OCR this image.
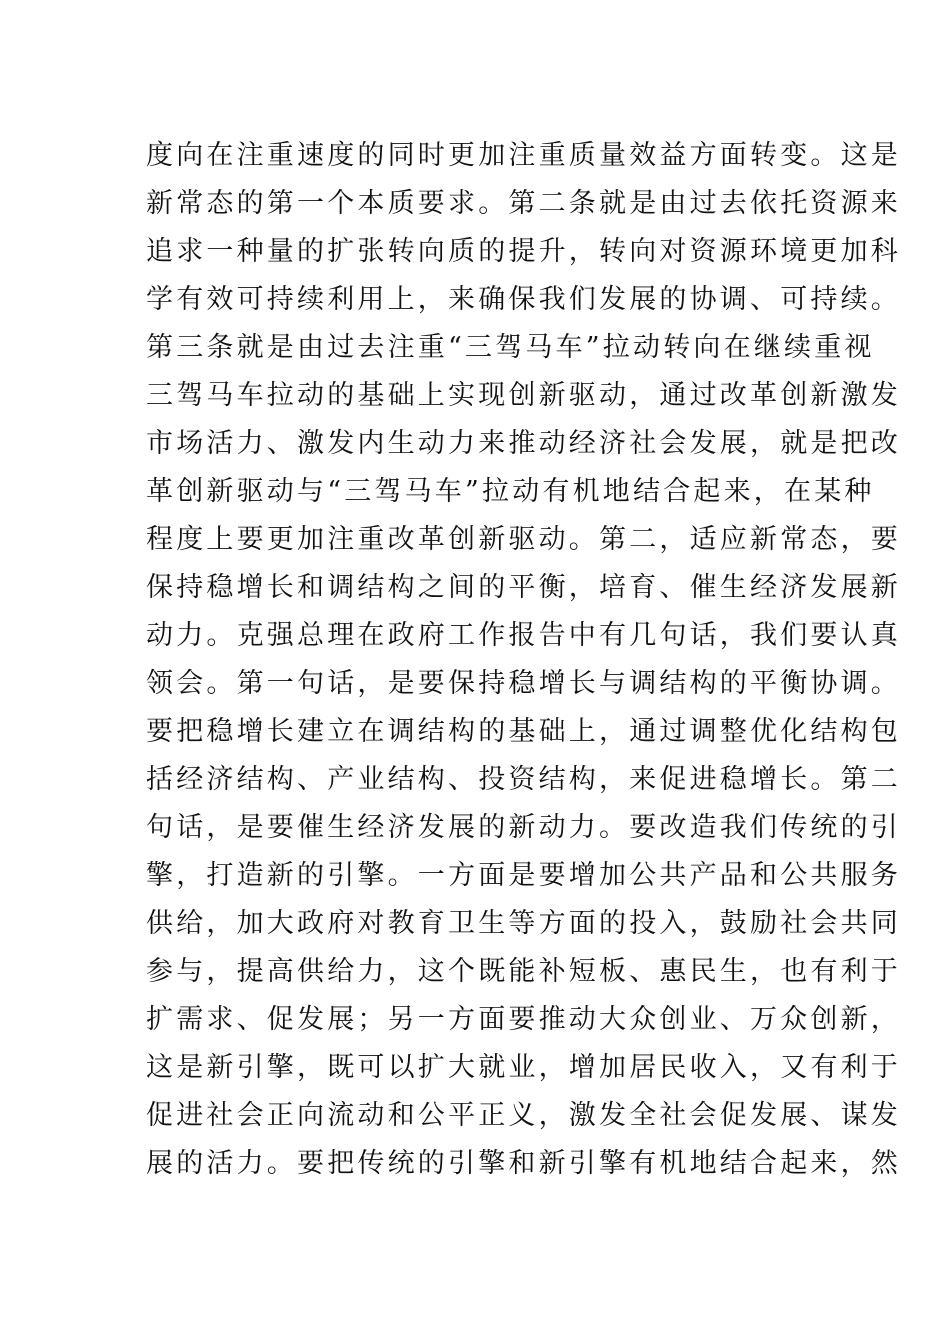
度向在注重速度的同时更加注重质量效益方面转变。这是
新常态的第一个本质要求。第二条就是由过去依托资源来
追求一种量的扩张转向质的提升，转向对资源环境更加科
学有效可持续利用上，来确保我们发展的协调、可持续。
第三条就是由过去注重“三驾马车”拉动转向在继续重视
三驾马车拉动的基础上实现创新驱动，通过改革创新激发
市场活力、激发内生动力来推动经济社会发展，就是把改
革创新驱动与“三驾马车”拉动有机地结合起来，在某种
程度上要更加注重改革创新驱动。第二，适应新常态，要
保持稳增长和调结构之间的平衡，培育、催生经济发展新
动力。克强总理在政府工作报告中有几句话，我们要认真
领会。第一句话，是要保持稳增长与调结构的平衡协调。
要把稳增长建立在调结构的基础上，通过调整优化结构包
括经济结构、产业结构、投资结构，来促进稳增长。第二
句话，是要催生经济发展的新动力。要改造我们传统的引
擎，打造新的引擎。一方面是要增加公共产品和公共服务
供给，加大政府对教育卫生等方面的投入，鼓励社会共同
参与，提高供给力，这个既能补短板、惠民生，也有利于
扩需求、促发展；另一方面要推动大众创业、万众创新，
这是新引擎，既可以扩大就业，增加居民收入，又有利于
促进社会正向流动和公平正义，激发全社会促发展、谋发
展的活力。要把传统的引擎和新引擎有机地结合起来，然
